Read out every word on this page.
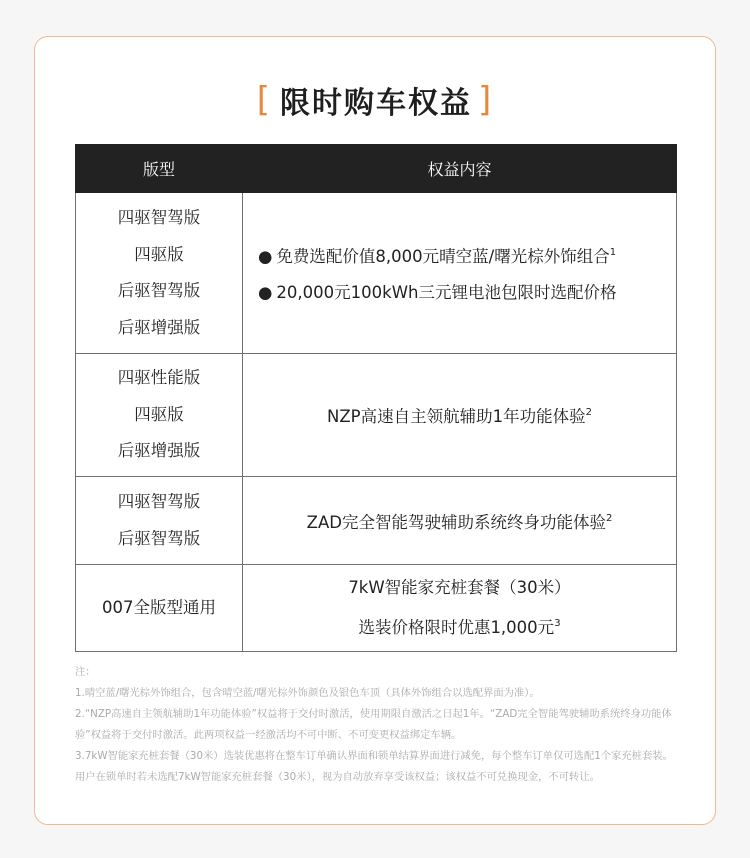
[ 限时购车权益 ]
版型	权益内容

四驱智驾版
四驱版
后驱智驾版
后驱增强版	● 免费选配价值8,000元晴空蓝/曙光棕外饰组合$^1$
● 20,000元100kWh三元锂电池包限时选配价格

四驱性能版
四驱版
后驱增强版	NZP高速自主领航辅助1年功能体验$^2$

四驱智驾版
后驱智驾版	ZAD完全智能驾驶辅助系统终身功能体验$^2$

007全版型通用	7kW智能家充桩套餐（30米）
选装价格限时优惠1,000元$^3$

注：

1.晴空蓝/曙光棕外饰组合，包含晴空蓝/曙光棕外饰颜色及银色车顶（具体外饰组合以选配界面为准）。

2.“NZP高速自主领航辅助1年功能体验”权益将于交付时激活，使用期限自激活之日起1年。“ZAD完全智能驾驶辅助系统终身功能体验”权益将于交付时激活。此两项权益一经激活均不可中断、不可变更权益绑定车辆。

3.7kW智能家充桩套餐（30米）选装优惠将在整车订单确认界面和锁单结算界面进行减免，每个整车订单仅可选配1个家充桩套装。用户在锁单时若未选配7kW智能家充桩套餐（30米），视为自动放弃享受该权益；该权益不可兑换现金，不可转让。
